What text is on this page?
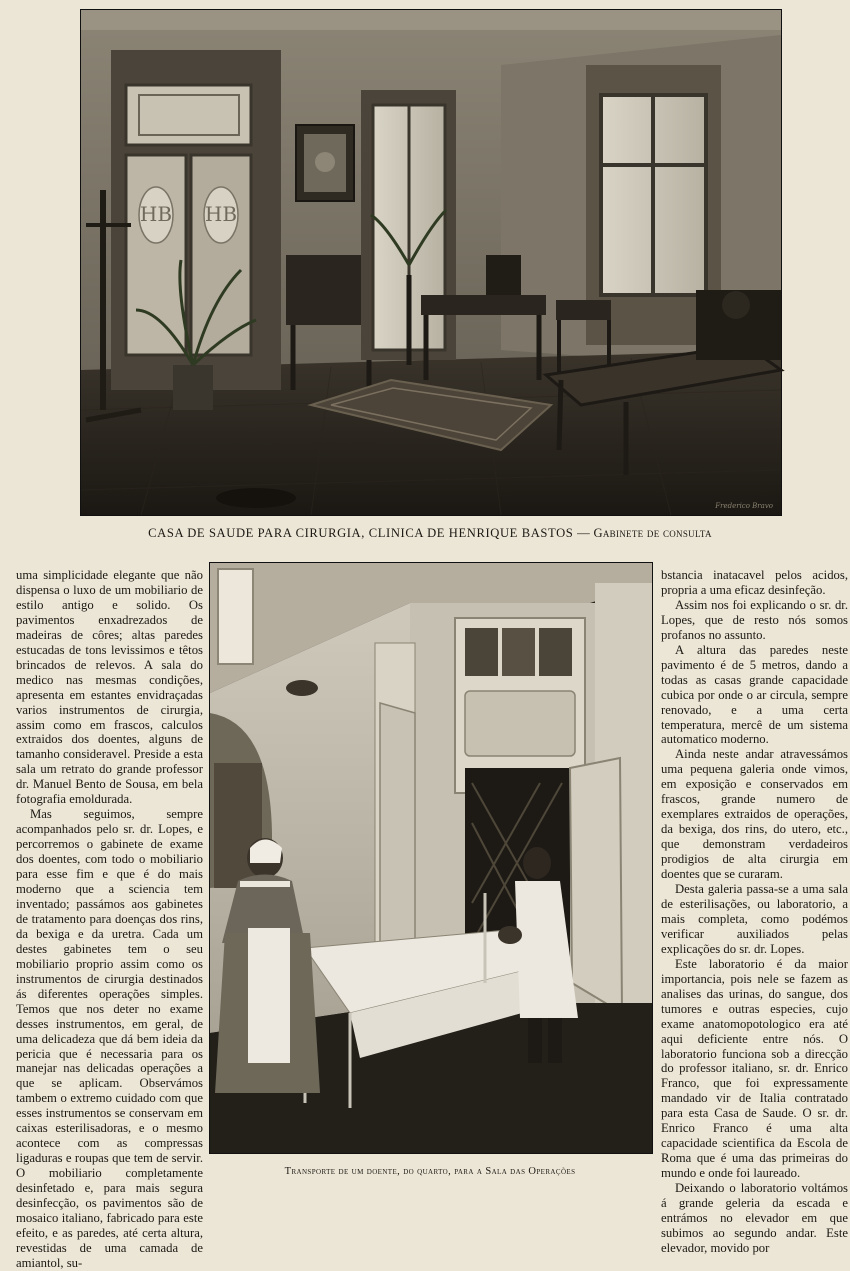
HB HB
Frederico Bravo
CASA DE SAUDE PARA CIRURGIA, CLINICA DE HENRIQUE BASTOS — Gabinete de consulta
Transporte de um doente, do quarto, para a Sala das Operações

uma simplicidade elegante que não dispensa o luxo de um mobiliario de estilo antigo e solido. Os pavimentos enxadrezados de madeiras de côres; altas paredes estucadas de tons levissimos e têtos brincados de relevos. A sala do medico nas mesmas condições, apresenta em estantes envidraçadas varios instrumentos de cirurgia, assim como em frascos, calculos extraidos dos doentes, alguns de tamanho consideravel. Preside a esta sala um retrato do grande professor dr. Manuel Bento de Sousa, em bela fotografia emoldurada.

Mas seguimos, sempre acompanhados pelo sr. dr. Lopes, e percorremos o gabinete de exame dos doentes, com todo o mobiliario para esse fim e que é do mais moderno que a sciencia tem inventado; passámos aos gabinetes de tratamento para doenças dos rins, da bexiga e da uretra. Cada um destes gabinetes tem o seu mobiliario proprio assim como os instrumentos de cirurgia destinados ás diferentes operações simples. Temos que nos deter no exame desses instrumentos, em geral, de uma delicadeza que dá bem ideia da pericia que é necessaria para os manejar nas delicadas operações a que se aplicam. Observámos tambem o extremo cuidado com que esses instrumentos se conservam em caixas esterilisadoras, e o mesmo acontece com as compressas ligaduras e roupas que tem de servir. O mobiliario completamente desinfetado e, para mais segura desinfecção, os pavimentos são de mosaico italiano, fabricado para este efeito, e as paredes, até certa altura, revestidas de uma camada de amiantol, su-

bstancia inatacavel pelos acidos, propria a uma eficaz desinfeção.

Assim nos foi explicando o sr. dr. Lopes, que de resto nós somos profanos no assunto.

A altura das paredes neste pavimento é de 5 metros, dando a todas as casas grande capacidade cubica por onde o ar circula, sempre renovado, e a uma certa temperatura, mercê de um sistema automatico moderno.

Ainda neste andar atravessámos uma pequena galeria onde vimos, em exposição e conservados em frascos, grande numero de exemplares extraidos de operações, da bexiga, dos rins, do utero, etc., que demonstram verdadeiros prodigios de alta cirurgia em doentes que se curaram.

Desta galeria passa-se a uma sala de esterilisações, ou laboratorio, a mais completa, como podémos verificar auxiliados pelas explicações do sr. dr. Lopes.

Este laboratorio é da maior importancia, pois nele se fazem as analises das urinas, do sangue, dos tumores e outras especies, cujo exame anatomopotologico era até aqui deficiente entre nós. O laboratorio funciona sob a direcção do professor italiano, sr. dr. Enrico Franco, que foi expressamente mandado vir de Italia contratado para esta Casa de Saude. O sr. dr. Enrico Franco é uma alta capacidade scientifica da Escola de Roma que é uma das primeiras do mundo e onde foi laureado.

Deixando o laboratorio voltámos á grande geleria da escada e entrámos no elevador em que subimos ao segundo andar. Este elevador, movido por
